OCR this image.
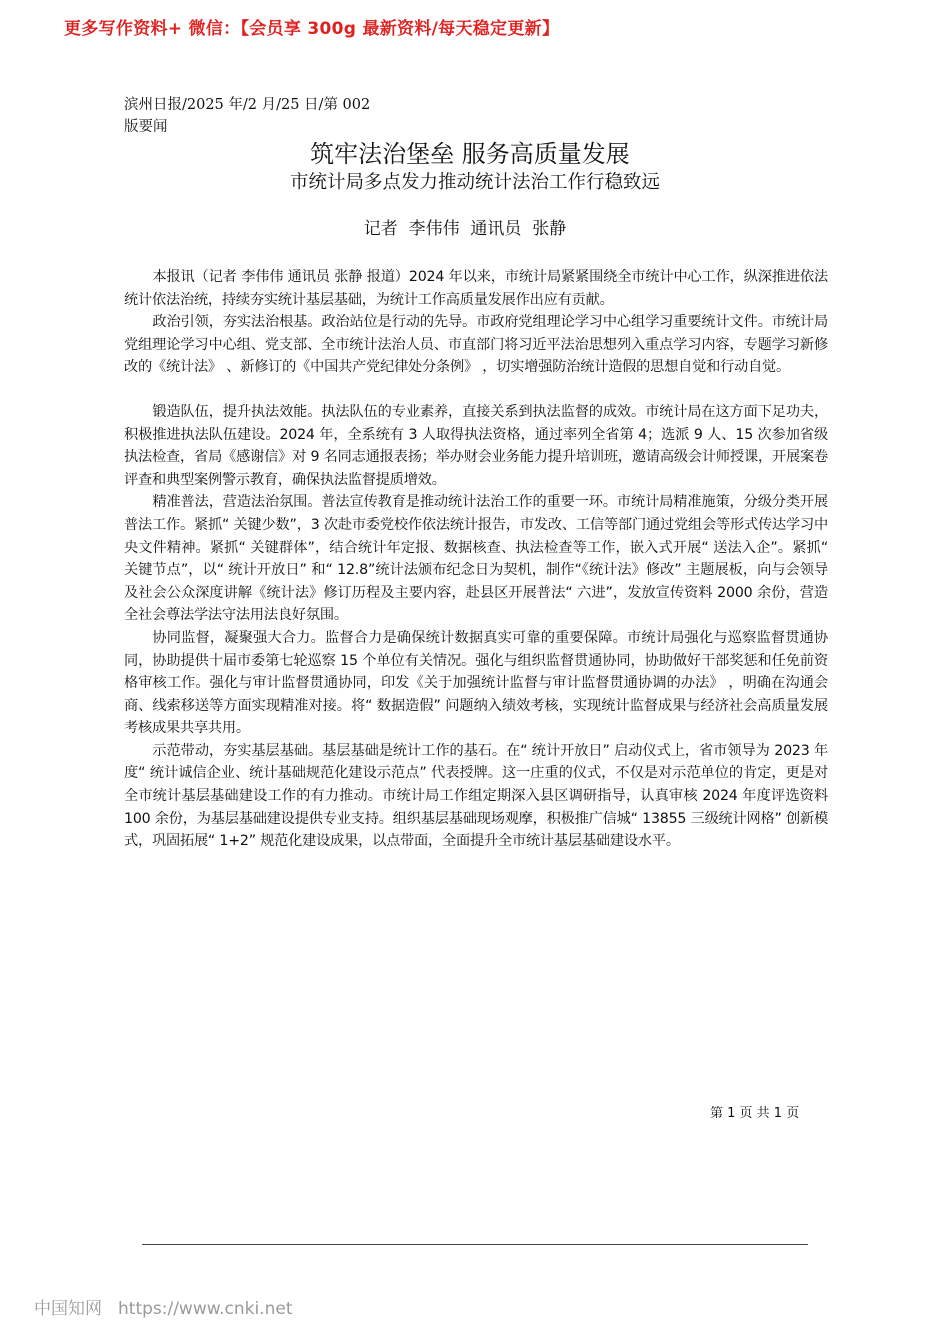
更多写作资料+ 微信：【会员享 300g 最新资料/每天稳定更新】
滨州日报/2025 年/2 月/25 日/第 002
版要闻
筑牢法治堡垒 服务高质量发展
市统计局多点发力推动统计法治工作行稳致远
记者  李伟伟  通讯员  张静

本报讯（记者 李伟伟 通讯员 张静 报道）2024 年以来，市统计局紧紧围绕全市统计中心工作，纵深推进依法统计依法治统，持续夯实统计基层基础，为统计工作高质量发展作出应有贡献。

政治引领，夯实法治根基。政治站位是行动的先导。市政府党组理论学习中心组学习重要统计文件。市统计局党组理论学习中心组、党支部、全市统计法治人员、市直部门将习近平法治思想列入重点学习内容，专题学习新修改的《统计法》 、新修订的《中国共产党纪律处分条例》 ，切实增强防治统计造假的思想自觉和行动自觉。

锻造队伍，提升执法效能。执法队伍的专业素养，直接关系到执法监督的成效。市统计局在这方面下足功夫，积极推进执法队伍建设。2024 年，全系统有 3 人取得执法资格，通过率列全省第 4；选派 9 人、15 次参加省级执法检查，省局《感谢信》对 9 名同志通报表扬；举办财会业务能力提升培训班，邀请高级会计师授课，开展案卷评查和典型案例警示教育，确保执法监督提质增效。

精准普法，营造法治氛围。普法宣传教育是推动统计法治工作的重要一环。市统计局精准施策，分级分类开展普法工作。紧抓“ 关键少数”，3 次赴市委党校作依法统计报告，市发改、工信等部门通过党组会等形式传达学习中央文件精神。紧抓“ 关键群体”，结合统计年定报、数据核查、执法检查等工作，嵌入式开展“ 送法入企”。紧抓“ 关键节点”，以“ 统计开放日” 和“ 12.8”统计法颁布纪念日为契机，制作“《统计法》修改” 主题展板，向与会领导及社会公众深度讲解《统计法》修订历程及主要内容，赴县区开展普法“ 六进”，发放宣传资料 2000 余份，营造全社会尊法学法守法用法良好氛围。

协同监督，凝聚强大合力。监督合力是确保统计数据真实可靠的重要保障。市统计局强化与巡察监督贯通协同，协助提供十届市委第七轮巡察 15 个单位有关情况。强化与组织监督贯通协同，协助做好干部奖惩和任免前资格审核工作。强化与审计监督贯通协同，印发《关于加强统计监督与审计监督贯通协调的办法》 ，明确在沟通会商、线索移送等方面实现精准对接。将“ 数据造假” 问题纳入绩效考核，实现统计监督成果与经济社会高质量发展考核成果共享共用。

示范带动，夯实基层基础。基层基础是统计工作的基石。在“ 统计开放日” 启动仪式上，省市领导为 2023 年度“ 统计诚信企业、统计基础规范化建设示范点” 代表授牌。这一庄重的仪式，不仅是对示范单位的肯定，更是对全市统计基层基础建设工作的有力推动。市统计局工作组定期深入县区调研指导，认真审核 2024 年度评选资料 100 余份，为基层基础建设提供专业支持。组织基层基础现场观摩，积极推广信城“ 13855 三级统计网格” 创新模式，巩固拓展“ 1+2” 规范化建设成果，以点带面，全面提升全市统计基层基础建设水平。

第 1 页 共 1 页
中国知网 https://www.cnki.net
